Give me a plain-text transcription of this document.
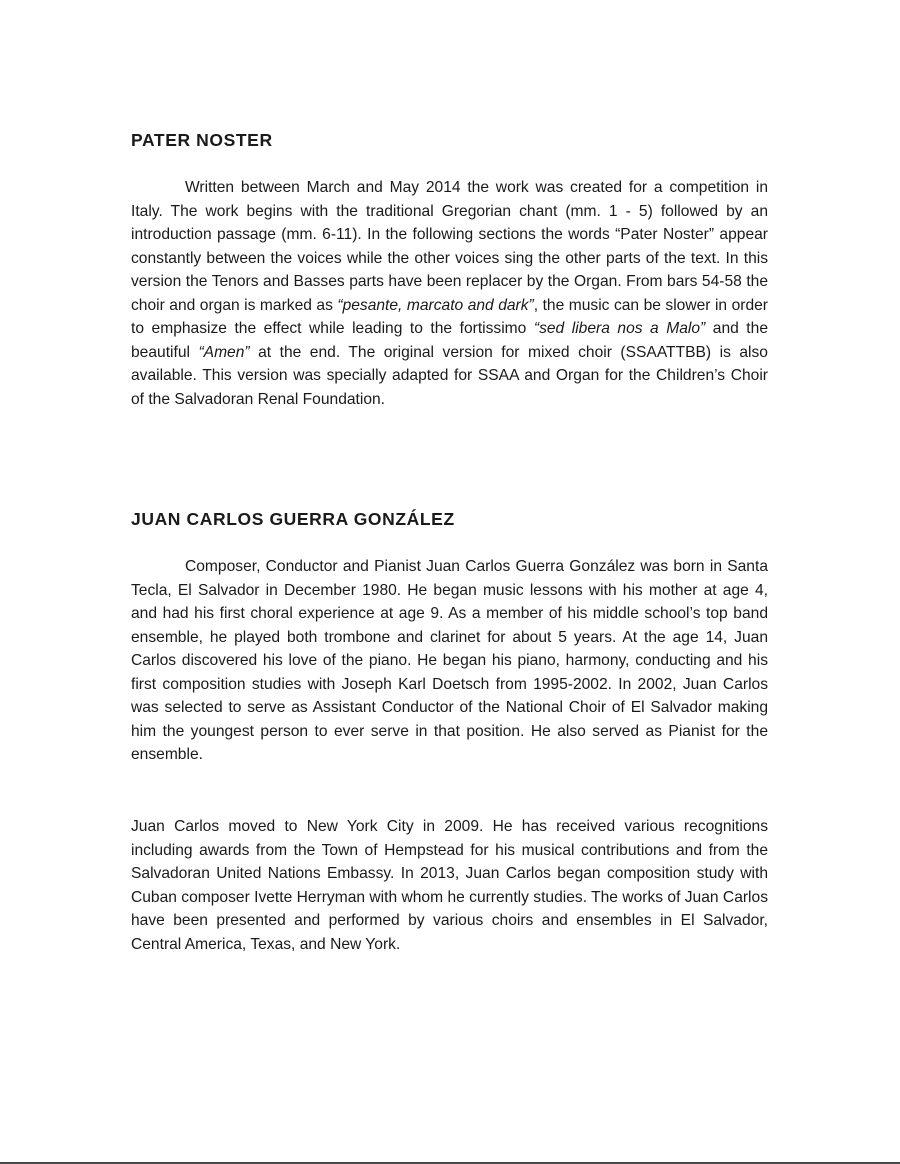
PATER NOSTER

Written between March and May 2014 the work was created for a competition in Italy. The work begins with the traditional Gregorian chant (mm. 1 - 5) followed by an introduction passage (mm. 6-11). In the following sections the words “Pater Noster” appear constantly between the voices while the other voices sing the other parts of the text. In this version the Tenors and Basses parts have been replacer by the Organ. From bars 54-58 the choir and organ is marked as “pesante, marcato and dark”, the music can be slower in order to emphasize the effect while leading to the fortissimo “sed libera nos a Malo” and the beautiful “Amen” at the end. The original version for mixed choir (SSAATTBB) is also available. This version was specially adapted for SSAA and Organ for the Children’s Choir of the Salvadoran Renal Foundation.

JUAN CARLOS GUERRA GONZÁLEZ

Composer, Conductor and Pianist Juan Carlos Guerra González was born in Santa Tecla, El Salvador in December 1980. He began music lessons with his mother at age 4, and had his first choral experience at age 9. As a member of his middle school’s top band ensemble, he played both trombone and clarinet for about 5 years. At the age 14, Juan Carlos discovered his love of the piano. He began his piano, harmony, conducting and his first composition studies with Joseph Karl Doetsch from 1995-2002. In 2002, Juan Carlos was selected to serve as Assistant Conductor of the National Choir of El Salvador making him the youngest person to ever serve in that position. He also served as Pianist for the ensemble.

Juan Carlos moved to New York City in 2009. He has received various recognitions including awards from the Town of Hempstead for his musical contributions and from the Salvadoran United Nations Embassy. In 2013, Juan Carlos began composition study with Cuban composer Ivette Herryman with whom he currently studies. The works of Juan Carlos have been presented and performed by various choirs and ensembles in El Salvador, Central America, Texas, and New York.
